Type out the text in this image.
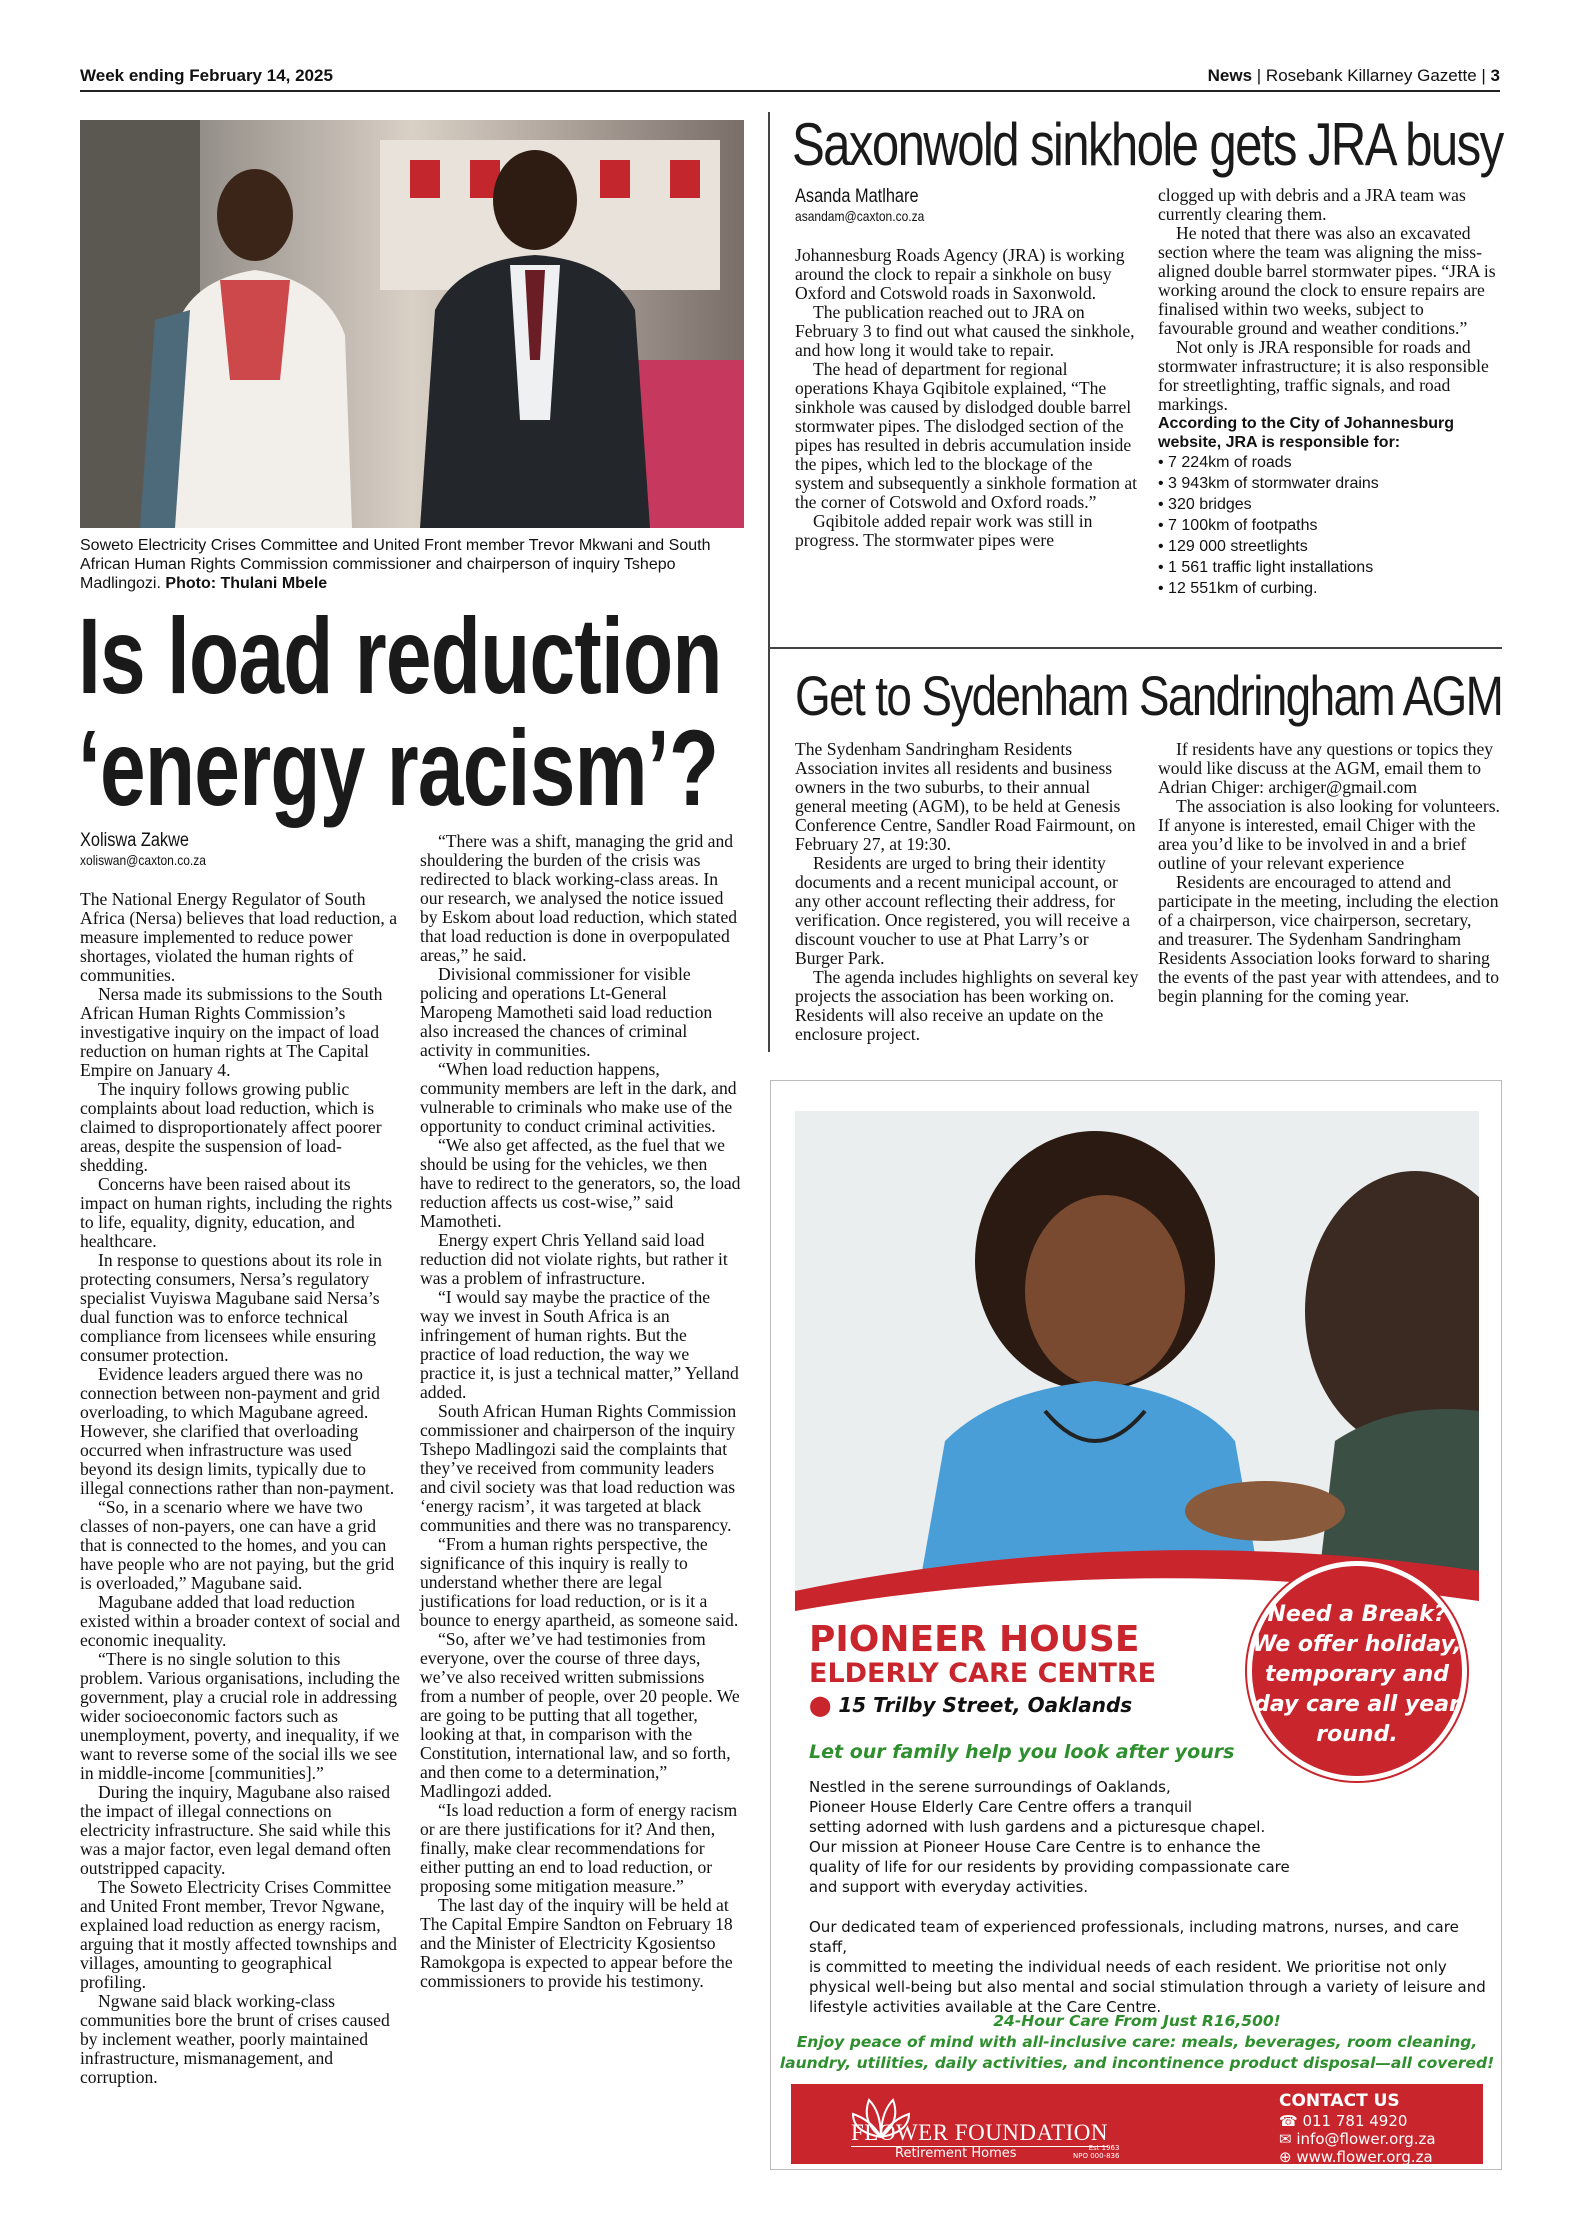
Week ending February 14, 2025	News | Rosebank Killarney Gazette | 3
Soweto Electricity Crises Committee and United Front member Trevor Mkwani and South African Human Rights Commission commissioner and chairperson of inquiry Tshepo Madlingozi. Photo: Thulani Mbele
Is load reduction
‘energy racism’?
Xoliswa Zakwe
xoliswan@caxton.co.za

The National Energy Regulator of South Africa (Nersa) believes that load reduction, a measure implemented to reduce power shortages, violated the human rights of communities.

Nersa made its submissions to the South African Human Rights Commission’s investigative inquiry on the impact of load reduction on human rights at The Capital Empire on January 4.

The inquiry follows growing public complaints about load reduction, which is claimed to disproportionately affect poorer areas, despite the suspension of load-shedding.

Concerns have been raised about its impact on human rights, including the rights to life, equality, dignity, education, and healthcare.

In response to questions about its role in protecting consumers, Nersa’s regulatory specialist Vuyiswa Magubane said Nersa’s dual function was to enforce technical compliance from licensees while ensuring consumer protection.

Evidence leaders argued there was no connection between non-payment and grid overloading, to which Magubane agreed. However, she clarified that overloading occurred when infrastructure was used beyond its design limits, typically due to illegal connections rather than non-payment.

“So, in a scenario where we have two classes of non-payers, one can have a grid that is connected to the homes, and you can have people who are not paying, but the grid is overloaded,” Magubane said.

Magubane added that load reduction existed within a broader context of social and economic inequality.

“There is no single solution to this problem. Various organisations, including the government, play a crucial role in addressing wider socioeconomic factors such as unemployment, poverty, and inequality, if we want to reverse some of the social ills we see in middle-income [communities].”

During the inquiry, Magubane also raised the impact of illegal connections on electricity infrastructure. She said while this was a major factor, even legal demand often outstripped capacity.

The Soweto Electricity Crises Committee and United Front member, Trevor Ngwane, explained load reduction as energy racism, arguing that it mostly affected townships and villages, amounting to geographical profiling.

Ngwane said black working-class communities bore the brunt of crises caused by inclement weather, poorly maintained infrastructure, mismanagement, and corruption.

“There was a shift, managing the grid and shouldering the burden of the crisis was redirected to black working-class areas. In our research, we analysed the notice issued by Eskom about load reduction, which stated that load reduction is done in overpopulated areas,” he said.

Divisional commissioner for visible policing and operations Lt-General Maropeng Mamotheti said load reduction also increased the chances of criminal activity in communities.

“When load reduction happens, community members are left in the dark, and vulnerable to criminals who make use of the opportunity to conduct criminal activities.

“We also get affected, as the fuel that we should be using for the vehicles, we then have to redirect to the generators, so, the load reduction affects us cost-wise,” said Mamotheti.

Energy expert Chris Yelland said load reduction did not violate rights, but rather it was a problem of infrastructure.

“I would say maybe the practice of the way we invest in South Africa is an infringement of human rights. But the practice of load reduction, the way we practice it, is just a technical matter,” Yelland added.

South African Human Rights Commission commissioner and chairperson of the inquiry Tshepo Madlingozi said the complaints that they’ve received from community leaders and civil society was that load reduction was ‘energy racism’, it was targeted at black communities and there was no transparency.

“From a human rights perspective, the significance of this inquiry is really to understand whether there are legal justifications for load reduction, or is it a bounce to energy apartheid, as someone said.

“So, after we’ve had testimonies from everyone, over the course of three days, we’ve also received written submissions from a number of people, over 20 people. We are going to be putting that all together, looking at that, in comparison with the Constitution, international law, and so forth, and then come to a determination,” Madlingozi added.

“Is load reduction a form of energy racism or are there justifications for it? And then, finally, make clear recommendations for either putting an end to load reduction, or proposing some mitigation measure.”

The last day of the inquiry will be held at The Capital Empire Sandton on February 18 and the Minister of Electricity Kgosientso Ramokgopa is expected to appear before the commissioners to provide his testimony.

Saxonwold sinkhole gets JRA busy
Asanda Matlhare
asandam@caxton.co.za

Johannesburg Roads Agency (JRA) is working around the clock to repair a sinkhole on busy Oxford and Cotswold roads in Saxonwold.

The publication reached out to JRA on February 3 to find out what caused the sinkhole, and how long it would take to repair.

The head of department for regional operations Khaya Gqibitole explained, “The sinkhole was caused by dislodged double barrel stormwater pipes. The dislodged section of the pipes has resulted in debris accumulation inside the pipes, which led to the blockage of the system and subsequently a sinkhole formation at the corner of Cotswold and Oxford roads.”

Gqibitole added repair work was still in progress. The stormwater pipes were

clogged up with debris and a JRA team was currently clearing them.

He noted that there was also an excavated section where the team was aligning the miss-aligned double barrel stormwater pipes. “JRA is working around the clock to ensure repairs are finalised within two weeks, subject to favourable ground and weather conditions.”

Not only is JRA responsible for roads and stormwater infrastructure; it is also responsible for streetlighting, traffic signals, and road markings.

According to the City of Johannesburg website, JRA is responsible for:
• 7 224km of roads
• 3 943km of stormwater drains
• 320 bridges
• 7 100km of footpaths
• 129 000 streetlights
• 1 561 traffic light installations
• 12 551km of curbing.
Get to Sydenham Sandringham AGM

The Sydenham Sandringham Residents Association invites all residents and business owners in the two suburbs, to their annual general meeting (AGM), to be held at Genesis Conference Centre, Sandler Road Fairmount, on February 27, at 19:30.

Residents are urged to bring their identity documents and a recent municipal account, or any other account reflecting their address, for verification. Once registered, you will receive a discount voucher to use at Phat Larry’s or Burger Park.

The agenda includes highlights on several key projects the association has been working on. Residents will also receive an update on the enclosure project.

If residents have any questions or topics they would like discuss at the AGM, email them to Adrian Chiger: archiger@gmail.com

The association is also looking for volunteers. If anyone is interested, email Chiger with the area you’d like to be involved in and a brief outline of your relevant experience

Residents are encouraged to attend and participate in the meeting, including the election of a chairperson, vice chairperson, secretary, and treasurer. The Sydenham Sandringham Residents Association looks forward to sharing the events of the past year with attendees, and to begin planning for the coming year.

PIONEER HOUSE
ELDERLY CARE CENTRE
⬤ 15 Trilby Street, Oaklands
Let our family help you look after yours
Need a Break?
We offer holiday,
temporary and
day care all year
round.
Nestled in the serene surroundings of Oaklands,
Pioneer House Elderly Care Centre offers a tranquil
setting adorned with lush gardens and a picturesque chapel.
Our mission at Pioneer House Care Centre is to enhance the
quality of life for our residents by providing compassionate care
and support with everyday activities.
Our dedicated team of experienced professionals, including matrons, nurses, and care staff,
is committed to meeting the individual needs of each resident. We prioritise not only
physical well-being but also mental and social stimulation through a variety of leisure and
lifestyle activities available at the Care Centre.
24-Hour Care From Just R16,500!
Enjoy peace of mind with all-inclusive care: meals, beverages, room cleaning,
laundry, utilities, daily activities, and incontinence product disposal—all covered!
FLOWER FOUNDATION
Retirement Homes	Est 1963
NPO 000-836
CONTACT US
☎ 011 781 4920
✉ info@flower.org.za
⊕ www.flower.org.za
